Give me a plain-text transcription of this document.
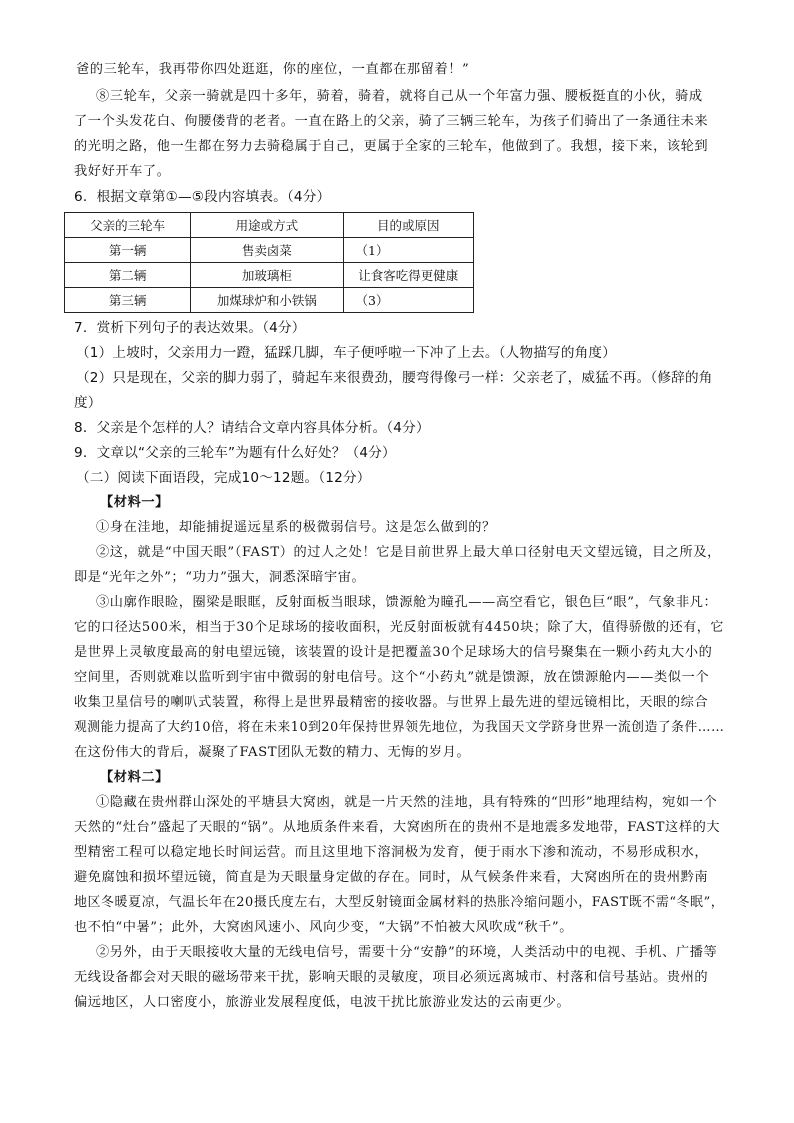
爸的三轮车，我再带你四处逛逛，你的座位，一直都在那留着！”
⑧三轮车，父亲一骑就是四十多年，骑着，骑着，就将自己从一个年富力强、腰板挺直的小伙，骑成
了一个头发花白、佝腰偻背的老者。一直在路上的父亲，骑了三辆三轮车，为孩子们骑出了一条通往未来
的光明之路，他一生都在努力去骑稳属于自己，更属于全家的三轮车，他做到了。我想，接下来，该轮到
我好好开车了。
6．根据文章第①—⑤段内容填表。（4分）
父亲的三轮车	用途或方式	目的或原因
第一辆	售卖卤菜	（1）
第二辆	加玻璃柜	让食客吃得更健康
第三辆	加煤球炉和小铁锅	（3）
7．赏析下列句子的表达效果。（4分）
（1）上坡时，父亲用力一蹬，猛踩几脚，车子便呼啦一下冲了上去。（人物描写的角度）
（2）只是现在，父亲的脚力弱了，骑起车来很费劲，腰弯得像弓一样：父亲老了，威猛不再。（修辞的角
度）
8．父亲是个怎样的人？请结合文章内容具体分析。（4分）
9．文章以“父亲的三轮车”为题有什么好处？（4分）
（二）阅读下面语段，完成10～12题。（12分）
【材料一】
①身在洼地，却能捕捉遥远星系的极微弱信号。这是怎么做到的？
②这，就是“中国天眼”（FAST）的过人之处！它是目前世界上最大单口径射电天文望远镜，目之所及，
即是“光年之外”；“功力”强大，洞悉深暗宇宙。
③山廓作眼睑，圈梁是眼眶，反射面板当眼球，馈源舱为瞳孔——高空看它，银色巨“眼”，气象非凡：
它的口径达500米，相当于30个足球场的接收面积，光反射面板就有4450块；除了大，值得骄傲的还有，它
是世界上灵敏度最高的射电望远镜，该装置的设计是把覆盖30个足球场大的信号聚集在一颗小药丸大小的
空间里，否则就难以监听到宇宙中微弱的射电信号。这个“小药丸”就是馈源，放在馈源舱内——类似一个
收集卫星信号的喇叭式装置，称得上是世界最精密的接收器。与世界上最先进的望远镜相比，天眼的综合
观测能力提高了大约10倍，将在未来10到20年保持世界领先地位，为我国天文学跻身世界一流创造了条件……
在这份伟大的背后，凝聚了FAST团队无数的精力、无悔的岁月。
【材料二】
①隐藏在贵州群山深处的平塘县大窝凼，就是一片天然的洼地，具有特殊的“凹形”地理结构，宛如一个
天然的“灶台”盛起了天眼的“锅”。从地质条件来看，大窝凼所在的贵州不是地震多发地带，FAST这样的大
型精密工程可以稳定地长时间运营。而且这里地下溶洞极为发育，便于雨水下渗和流动，不易形成积水，
避免腐蚀和损坏望远镜，简直是为天眼量身定做的存在。同时，从气候条件来看，大窝凼所在的贵州黔南
地区冬暖夏凉，气温长年在20摄氏度左右，大型反射镜面金属材料的热胀冷缩问题小，FAST既不需“冬眠”，
也不怕“中暑”；此外，大窝凼风速小、风向少变，“大锅”不怕被大风吹成“秋千”。
②另外，由于天眼接收大量的无线电信号，需要十分“安静”的环境，人类活动中的电视、手机、广播等
无线设备都会对天眼的磁场带来干扰，影响天眼的灵敏度，项目必须远离城市、村落和信号基站。贵州的
偏远地区，人口密度小，旅游业发展程度低，电波干扰比旅游业发达的云南更少。
